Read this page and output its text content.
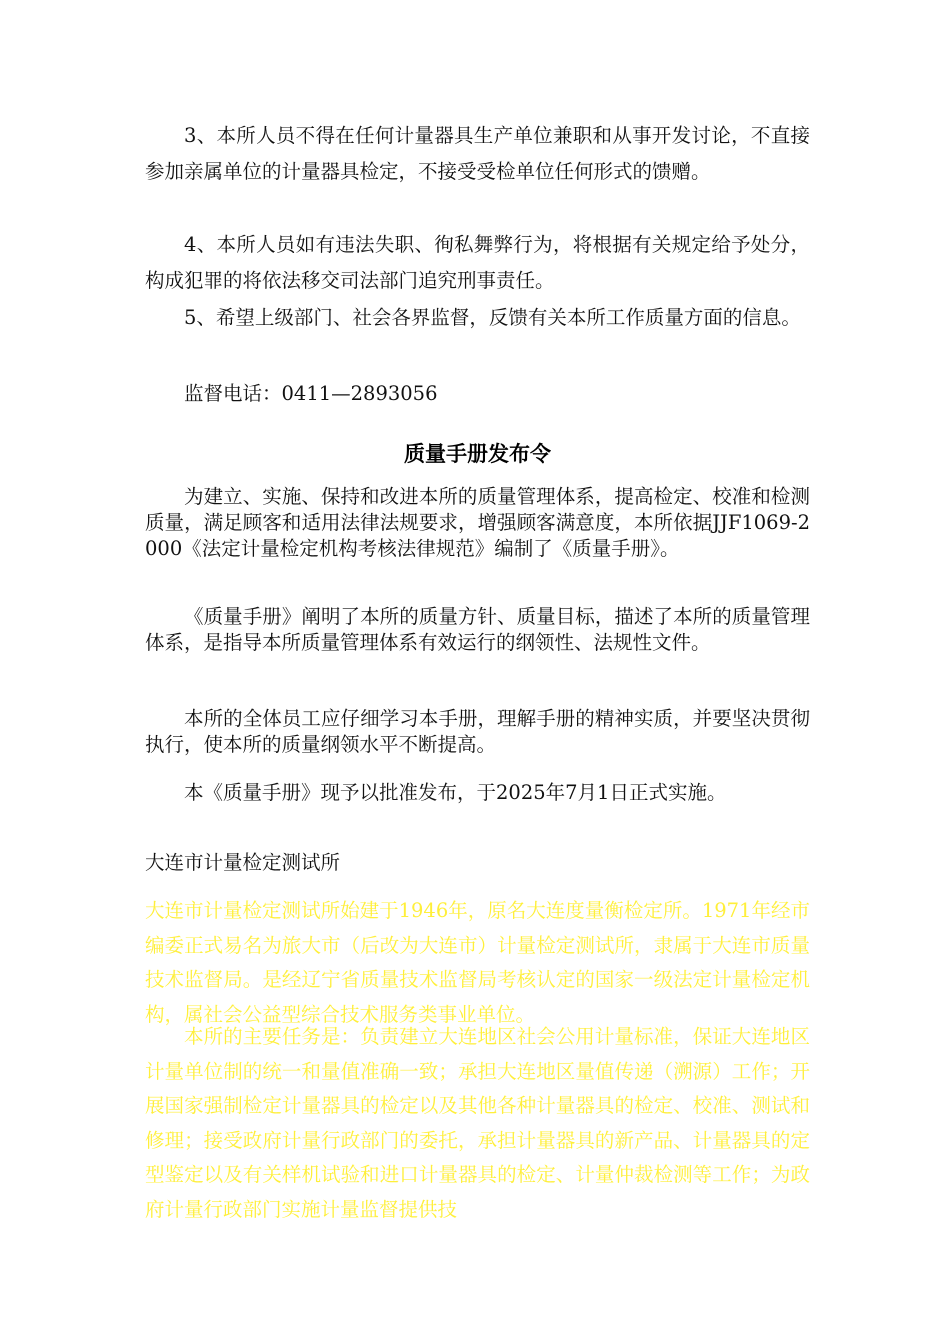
3、本所人员不得在任何计量器具生产单位兼职和从事开发讨论，不直接参加亲属单位的计量器具检定，不接受受检单位任何形式的馈赠。

4、本所人员如有违法失职、徇私舞弊行为，将根据有关规定给予处分，构成犯罪的将依法移交司法部门追究刑事责任。

5、希望上级部门、社会各界监督，反馈有关本所工作质量方面的信息。

监督电话：0411—2893056

质量手册发布令

为建立、实施、保持和改进本所的质量管理体系，提高检定、校准和检测质量，满足顾客和适用法律法规要求，增强顾客满意度，本所依据JJF1069-2000《法定计量检定机构考核法律规范》编制了《质量手册》。

《质量手册》阐明了本所的质量方针、质量目标，描述了本所的质量管理体系，是指导本所质量管理体系有效运行的纲领性、法规性文件。

本所的全体员工应仔细学习本手册，理解手册的精神实质，并要坚决贯彻执行，使本所的质量纲领水平不断提高。

本《质量手册》现予以批准发布，于2025年7月1日正式实施。

大连市计量检定测试所

大连市计量检定测试所始建于1946年，原名大连度量衡检定所。1971年经市编委正式易名为旅大市（后改为大连市）计量检定测试所，隶属于大连市质量技术监督局。是经辽宁省质量技术监督局考核认定的国家一级法定计量检定机构，属社会公益型综合技术服务类事业单位。

本所的主要任务是：负责建立大连地区社会公用计量标准，保证大连地区计量单位制的统一和量值准确一致；承担大连地区量值传递（溯源）工作；开展国家强制检定计量器具的检定以及其他各种计量器具的检定、校准、测试和修理；接受政府计量行政部门的委托，承担计量器具的新产品、计量器具的定型鉴定以及有关样机试验和进口计量器具的检定、计量仲裁检测等工作；为政府计量行政部门实施计量监督提供技
